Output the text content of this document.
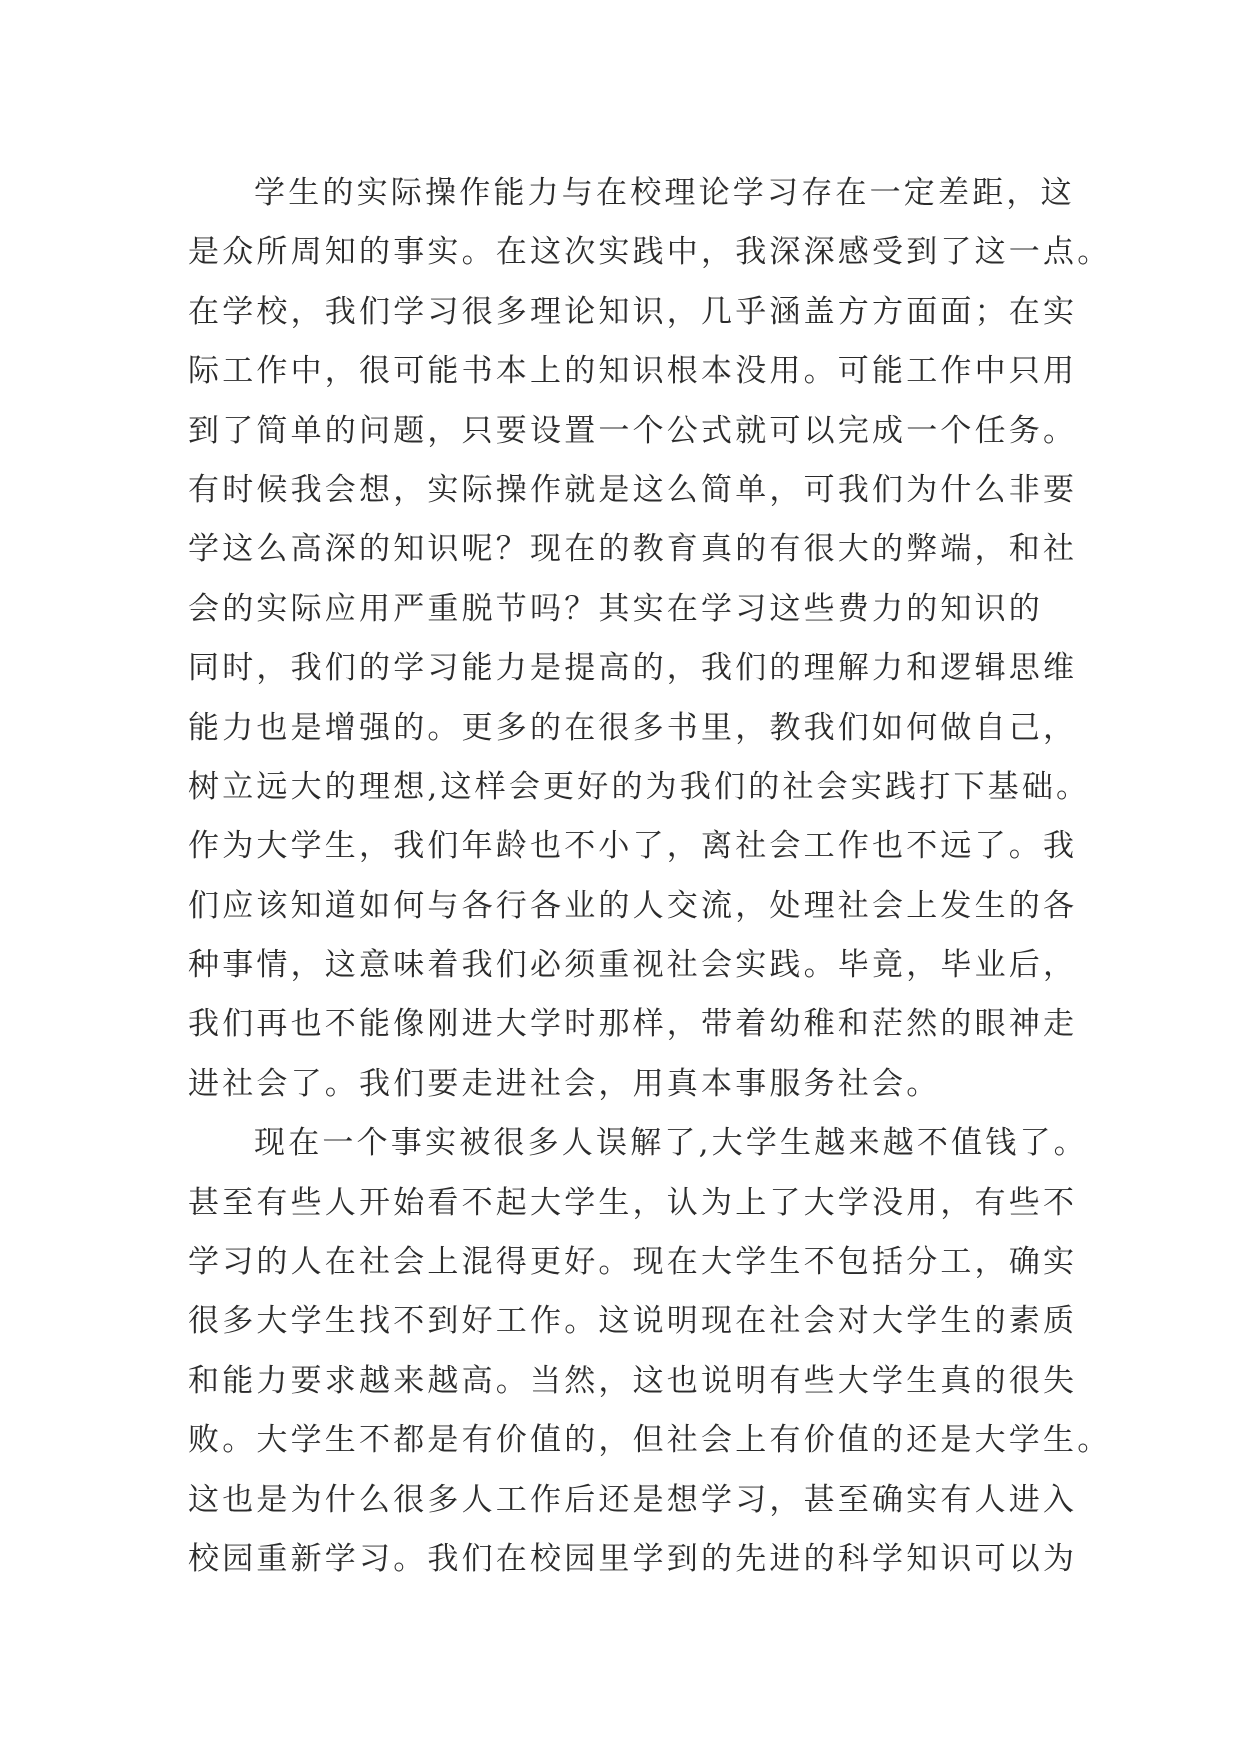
学生的实际操作能力与在校理论学习存在一定差距，这
是众所周知的事实。在这次实践中，我深深感受到了这一点。
在学校，我们学习很多理论知识，几乎涵盖方方面面；在实
际工作中，很可能书本上的知识根本没用。可能工作中只用
到了简单的问题，只要设置一个公式就可以完成一个任务。
有时候我会想，实际操作就是这么简单，可我们为什么非要
学这么高深的知识呢？现在的教育真的有很大的弊端，和社
会的实际应用严重脱节吗？其实在学习这些费力的知识的
同时，我们的学习能力是提高的，我们的理解力和逻辑思维
能力也是增强的。更多的在很多书里，教我们如何做自己，
树立远大的理想,这样会更好的为我们的社会实践打下基础。
作为大学生，我们年龄也不小了，离社会工作也不远了。我
们应该知道如何与各行各业的人交流，处理社会上发生的各
种事情，这意味着我们必须重视社会实践。毕竟，毕业后，
我们再也不能像刚进大学时那样，带着幼稚和茫然的眼神走
进社会了。我们要走进社会，用真本事服务社会。
现在一个事实被很多人误解了,大学生越来越不值钱了。
甚至有些人开始看不起大学生，认为上了大学没用，有些不
学习的人在社会上混得更好。现在大学生不包括分工，确实
很多大学生找不到好工作。这说明现在社会对大学生的素质
和能力要求越来越高。当然，这也说明有些大学生真的很失
败。大学生不都是有价值的，但社会上有价值的还是大学生。
这也是为什么很多人工作后还是想学习，甚至确实有人进入
校园重新学习。我们在校园里学到的先进的科学知识可以为
